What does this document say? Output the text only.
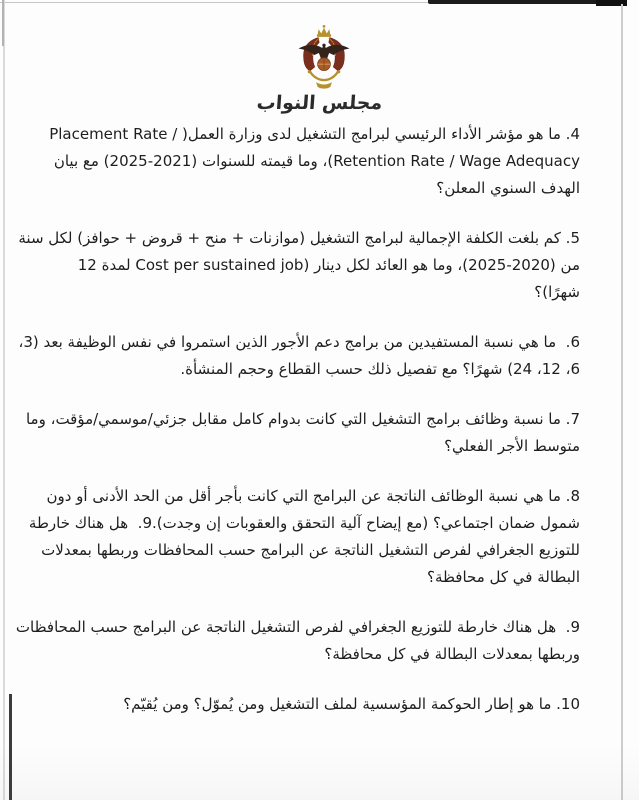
مجلس النواب
4. ما هو مؤشر الأداء الرئيسي لبرامج التشغيل لدى وزارة العمل( / Placement Rate
Retention Rate / Wage Adequacy)، وما قيمته للسنوات (2021-2025) مع بيان
الهدف السنوي المعلن؟
5. كم بلغت الكلفة الإجمالية لبرامج التشغيل (موازنات + منح + قروض + حوافز) لكل سنة
من (2020-2025)، وما هو العائد لكل دينار (Cost per sustained job لمدة 12
شهرًا)؟
6.  ما هي نسبة المستفيدين من برامج دعم الأجور الذين استمروا في نفس الوظيفة بعد (3،
6، 12، 24) شهرًا؟ مع تفصيل ذلك حسب القطاع وحجم المنشأة.
7. ما نسبة وظائف برامج التشغيل التي كانت بدوام كامل مقابل جزئي/موسمي/مؤقت، وما
متوسط الأجر الفعلي؟
8. ما هي نسبة الوظائف الناتجة عن البرامج التي كانت بأجر أقل من الحد الأدنى أو دون
شمول ضمان اجتماعي؟ (مع إيضاح آلية التحقق والعقوبات إن وجدت).9.  هل هناك خارطة
للتوزيع الجغرافي لفرص التشغيل الناتجة عن البرامج حسب المحافظات وربطها بمعدلات
البطالة في كل محافظة؟
9.  هل هناك خارطة للتوزيع الجغرافي لفرص التشغيل الناتجة عن البرامج حسب المحافظات
وربطها بمعدلات البطالة في كل محافظة؟
10. ما هو إطار الحوكمة المؤسسية لملف التشغيل ومن يُموّل؟ ومن يُقيّم؟
